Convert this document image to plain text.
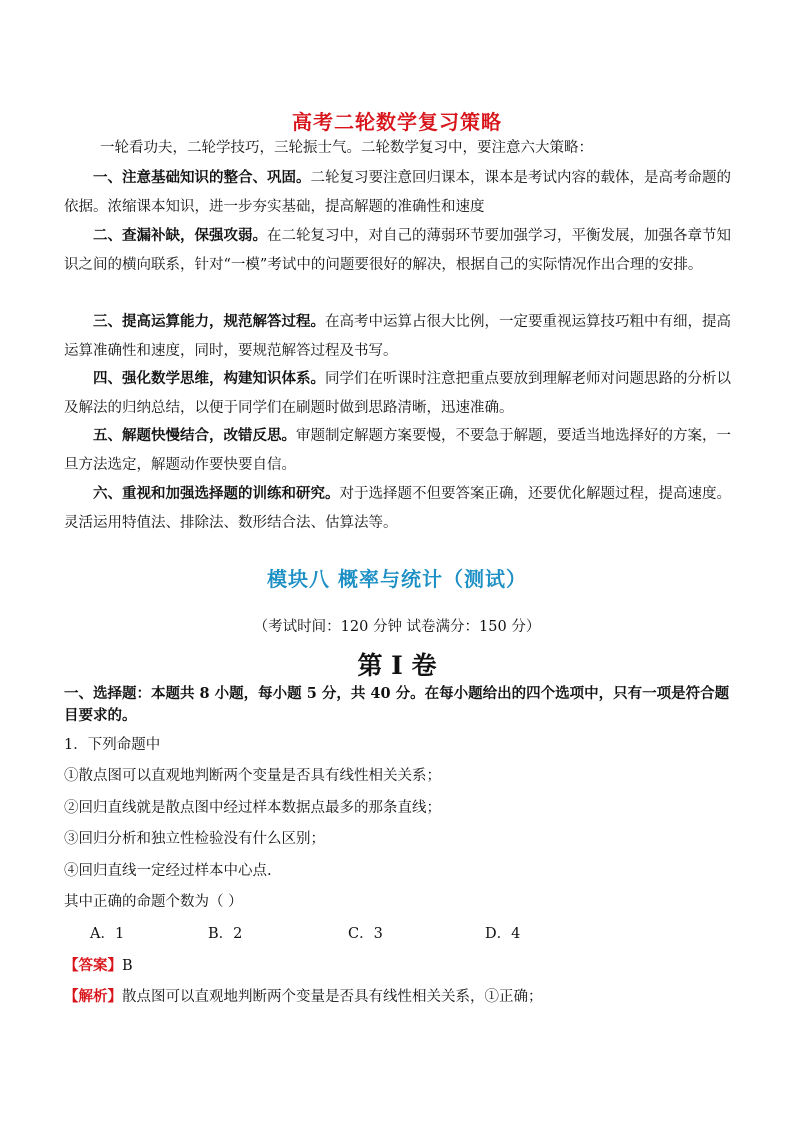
高考二轮数学复习策略
一轮看功夫，二轮学技巧，三轮振士气。二轮数学复习中，要注意六大策略：
一、注意基础知识的整合、巩固。二轮复习要注意回归课本，课本是考试内容的载体，是高考命题的依据。浓缩课本知识，进一步夯实基础，提高解题的准确性和速度
二、查漏补缺，保强攻弱。在二轮复习中，对自己的薄弱环节要加强学习，平衡发展，加强各章节知识之间的横向联系，针对“一模”考试中的问题要很好的解决，根据自己的实际情况作出合理的安排。
三、提高运算能力，规范解答过程。在高考中运算占很大比例，一定要重视运算技巧粗中有细，提高运算准确性和速度，同时，要规范解答过程及书写。
四、强化数学思维，构建知识体系。同学们在听课时注意把重点要放到理解老师对问题思路的分析以及解法的归纳总结，以便于同学们在刷题时做到思路清晰，迅速准确。
五、解题快慢结合，改错反思。审题制定解题方案要慢，不要急于解题，要适当地选择好的方案，一旦方法选定，解题动作要快要自信。
六、重视和加强选择题的训练和研究。对于选择题不但要答案正确，还要优化解题过程，提高速度。灵活运用特值法、排除法、数形结合法、估算法等。
模块八 概率与统计（测试）
（考试时间：120 分钟 试卷满分：150 分）
第 I 卷
一、选择题：本题共 8 小题，每小题 5 分，共 40 分。在每小题给出的四个选项中，只有一项是符合题目要求的。
1．下列命题中
①散点图可以直观地判断两个变量是否具有线性相关关系；
②回归直线就是散点图中经过样本数据点最多的那条直线；
③回归分析和独立性检验没有什么区别；
④回归直线一定经过样本中心点.
其中正确的命题个数为（ ）
A．1	B．2	C．3	D．4
【答案】B
【解析】散点图可以直观地判断两个变量是否具有线性相关关系，①正确；
